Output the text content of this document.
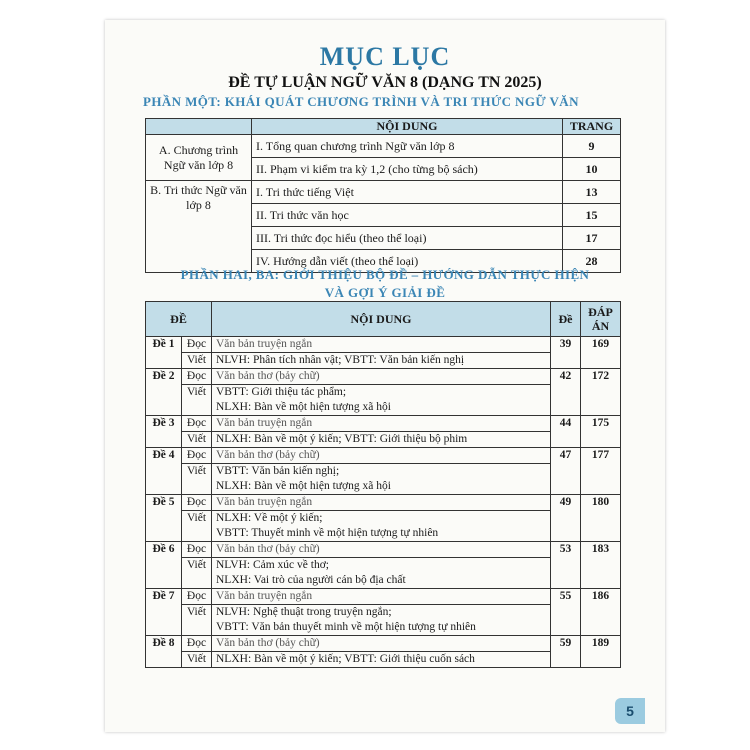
MỤC LỤC
ĐỀ TỰ LUẬN NGỮ VĂN 8 (DẠNG TN 2025)
PHẦN MỘT: KHÁI QUÁT CHƯƠNG TRÌNH VÀ TRI THỨC NGỮ VĂN
	NỘI DUNG	TRANG
A. Chương trình Ngữ văn lớp 8	I. Tổng quan chương trình Ngữ văn lớp 8	9
	II. Phạm vi kiểm tra kỳ 1,2 (cho từng bộ sách)	10
B. Tri thức Ngữ văn lớp 8	I. Tri thức tiếng Việt	13
	II. Tri thức văn học	15
	III. Tri thức đọc hiểu (theo thể loại)	17
	IV. Hướng dẫn viết (theo thể loại)	28
PHẦN HAI, BA: GIỚI THIỆU BỘ ĐỀ – HƯỚNG DẪN THỰC HIỆN
VÀ GỢI Ý GIẢI ĐỀ
ĐỀ		NỘI DUNG	Đề	ĐÁP ÁN
Đề 1	Đọc	Văn bản truyện ngắn	39	169
	Viết	NLVH: Phân tích nhân vật; VBTT: Văn bản kiến nghị		
Đề 2	Đọc	Văn bản thơ (bảy chữ)	42	172
	Viết	VBTT: Giới thiệu tác phẩm;
NLXH: Bàn về một hiện tượng xã hội		
Đề 3	Đọc	Văn bản truyện ngắn	44	175
	Viết	NLXH: Bàn về một ý kiến; VBTT: Giới thiệu bộ phim		
Đề 4	Đọc	Văn bản thơ (bảy chữ)	47	177
	Viết	VBTT: Văn bản kiến nghị;
NLXH: Bàn về một hiện tượng xã hội		
Đề 5	Đọc	Văn bản truyện ngắn	49	180
	Viết	NLXH: Về một ý kiến;
VBTT: Thuyết minh về một hiện tượng tự nhiên		
Đề 6	Đọc	Văn bản thơ (bảy chữ)	53	183
	Viết	NLVH: Cảm xúc về thơ;
NLXH: Vai trò của người cán bộ địa chất		
Đề 7	Đọc	Văn bản truyện ngắn	55	186
	Viết	NLVH: Nghệ thuật trong truyện ngắn;
VBTT: Văn bản thuyết minh về một hiện tượng tự nhiên		
Đề 8	Đọc	Văn bản thơ (bảy chữ)	59	189
	Viết	NLXH: Bàn về một ý kiến; VBTT: Giới thiệu cuốn sách		
5
